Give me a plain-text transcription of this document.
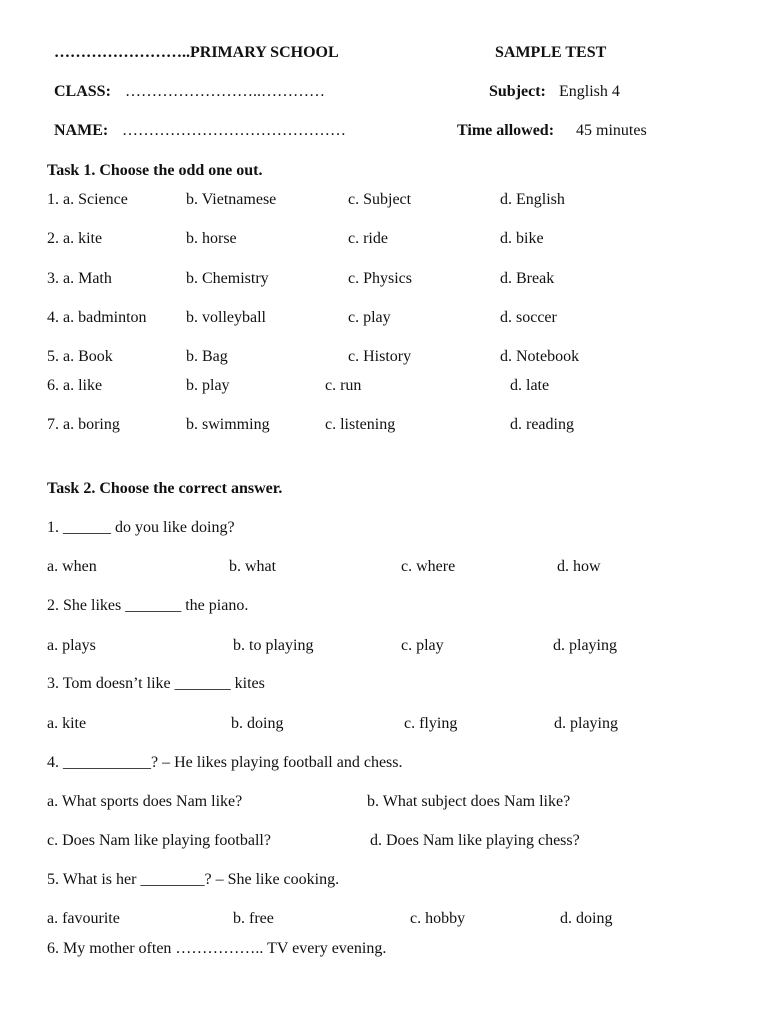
……………………..PRIMARY SCHOOL	SAMPLE TEST
CLASS: ……………………..…………	Subject: English 4
NAME: ……………………………………	Time allowed: 45 minutes
Task 1. Choose the odd one out.
1. a. Science	b. Vietnamese	c. Subject	d. English
2. a. kite	b. horse	c. ride	d. bike
3. a. Math	b. Chemistry	c. Physics	d. Break
4. a. badminton b. volleyball	c. play	d. soccer
5. a. Book	b. Bag	c. History	d. Notebook
6. a. like	b. play	c. run	d. late
7. a. boring	b. swimming	c. listening	d. reading
Task 2. Choose the correct answer.
1. ______ do you like doing?
a. when	b. what	c. where	d. how
2. She likes _______ the piano.
a. plays	b. to playing	c. play	d. playing
3. Tom doesn’t like _______ kites
a. kite	b. doing	c. flying	d. playing
4. ___________? – He likes playing football and chess.
a. What sports does Nam like?	b. What subject does Nam like?
c. Does Nam like playing football?	d. Does Nam like playing chess?
5. What is her ________? – She like cooking.
a. favourite	b. free	c. hobby	d. doing
6. My mother often …………….. TV every evening.
